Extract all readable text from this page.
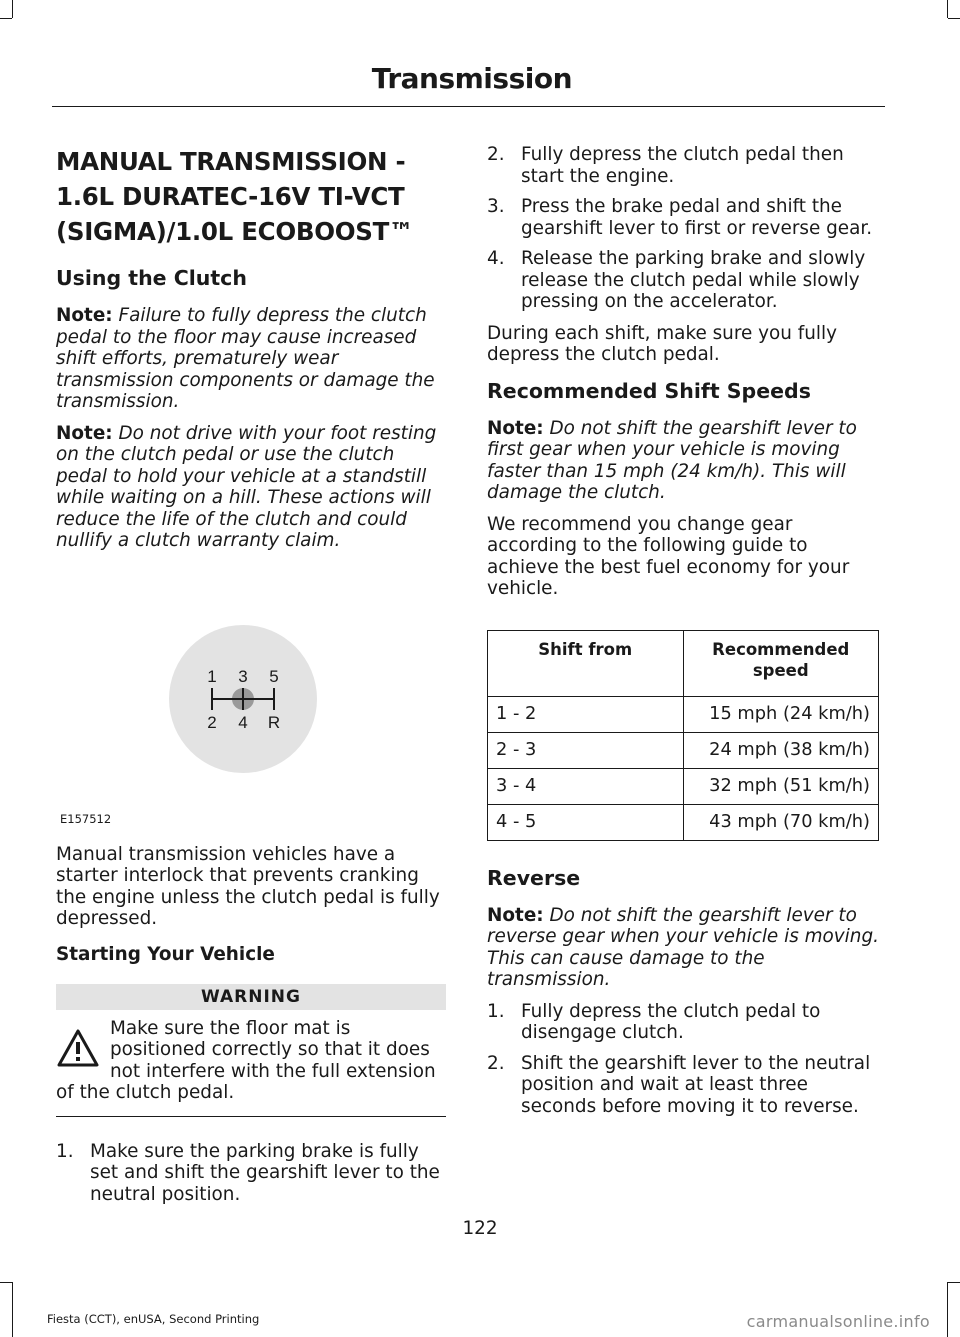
Transmission
MANUAL TRANSMISSION - 1.6L DURATEC-16V TI-VCT (SIGMA)/1.0L ECOBOOST™
Using the Clutch

Note: Failure to fully depress the clutch pedal to the floor may cause increased shift efforts, prematurely wear transmission components or damage the transmission.

Note: Do not drive with your foot resting on the clutch pedal or use the clutch pedal to hold your vehicle at a standstill while waiting on a hill. These actions will reduce the life of the clutch and could nullify a clutch warranty claim.

1 3 5
2 4 R
E157512

Manual transmission vehicles have a starter interlock that prevents cranking the engine unless the clutch pedal is fully depressed.

Starting Your Vehicle
WARNING
Make sure the floor mat is positioned correctly so that it does not interfere with the full extension of the clutch pedal.
1. Make sure the parking brake is fully set and shift the gearshift lever to the neutral position.
2. Fully depress the clutch pedal then start the engine.
3. Press the brake pedal and shift the gearshift lever to first or reverse gear.
4. Release the parking brake and slowly release the clutch pedal while slowly pressing on the accelerator.

During each shift, make sure you fully depress the clutch pedal.

Recommended Shift Speeds

Note: Do not shift the gearshift lever to first gear when your vehicle is moving faster than 15 mph (24 km/h). This will damage the clutch.

We recommend you change gear according to the following guide to achieve the best fuel economy for your vehicle.

Shift from	Recommended speed
1 - 2	15 mph (24 km/h)
2 - 3	24 mph (38 km/h)
3 - 4	32 mph (51 km/h)
4 - 5	43 mph (70 km/h)
Reverse

Note: Do not shift the gearshift lever to reverse gear when your vehicle is moving. This can cause damage to the transmission.

1. Fully depress the clutch pedal to disengage clutch.
2. Shift the gearshift lever to the neutral position and wait at least three seconds before moving it to reverse.
122
Fiesta (CCT), enUSA, Second Printing	carmanualsonline.info
